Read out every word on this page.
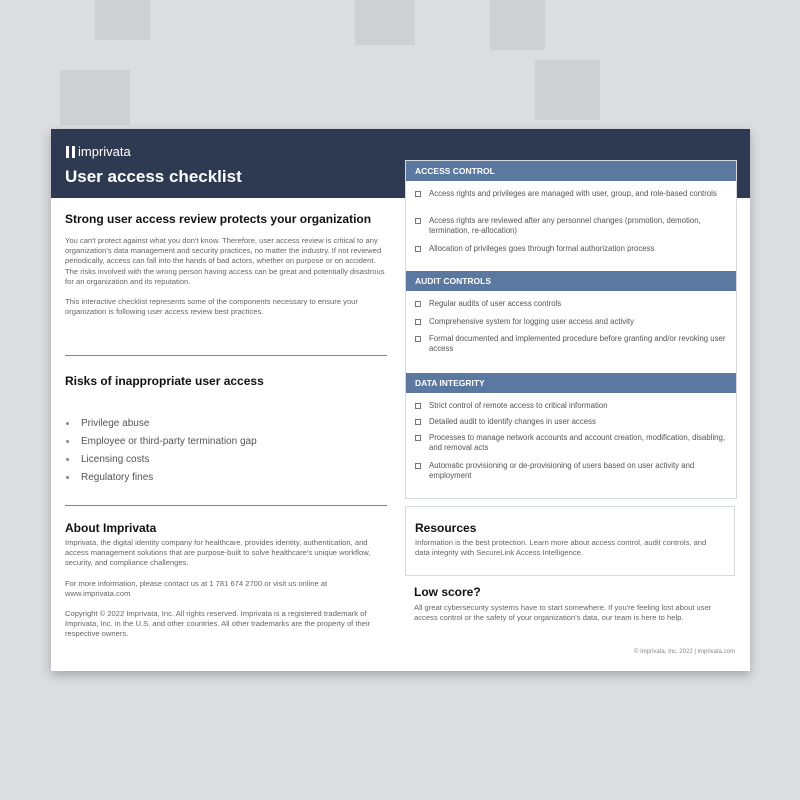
imprivata
User access checklist
Strong user access review protects your organization

You can't protect against what you don't know. Therefore, user access review is critical to any organization's data management and security practices, no matter the industry. If not reviewed periodically, access can fall into the hands of bad actors, whether on purpose or on accident. The risks involved with the wrong person having access can be great and potentially disastrous for an organization and its reputation.

This interactive checklist represents some of the components necessary to ensure your organization is following user access review best practices.

Risks of inappropriate user access
Privilege abuse
Employee or third-party termination gap
Licensing costs
Regulatory fines
About Imprivata

Imprivata, the digital identity company for healthcare, provides identity, authentication, and access management solutions that are purpose-built to solve healthcare's unique workflow, security, and compliance challenges.

For more information, please contact us at 1 781 674 2700 or visit us online at www.imprivata.com

Copyright © 2022 Imprivata, Inc. All rights reserved. Imprivata is a registered trademark of Imprivata, Inc. in the U.S. and other countries. All other trademarks are the property of their respective owners.

ACCESS CONTROL
Access rights and privileges are managed with user, group, and role-based controls
Access rights are reviewed after any personnel changes (promotion, demotion, termination, re-allocation)
Allocation of privileges goes through formal authorization process
AUDIT CONTROLS
Regular audits of user access controls
Comprehensive system for logging user access and activity
Formal documented and implemented procedure before granting and/or revoking user access
DATA INTEGRITY
Strict control of remote access to critical information
Detailed audit to identify changes in user access
Processes to manage network accounts and account creation, modification, disabling, and removal acts
Automatic provisioning or de-provisioning of users based on user activity and employment
Resources

Information is the best protection. Learn more about access control, audit controls, and data integrity with SecureLink Access Intelligence.

Low score?

All great cybersecurity systems have to start somewhere. If you're feeling lost about user access control or the safety of your organization's data, our team is here to help.

© Imprivata, Inc. 2022 | imprivata.com
